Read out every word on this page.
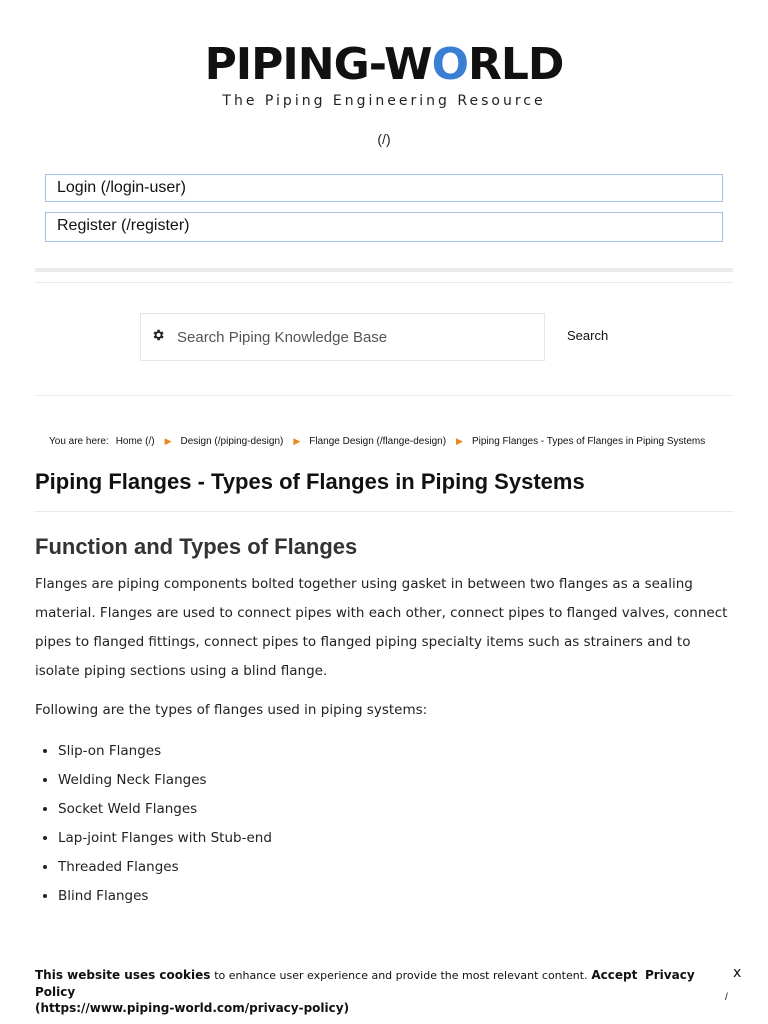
PIPING-WORLD
The Piping Engineering Resource
(/)
Login (/login-user)
Register (/register)
Search Piping Knowledge Base
Search
You are here: Home (/) ▶ Design (/piping-design) ▶ Flange Design (/flange-design) ▶ Piping Flanges - Types of Flanges in Piping Systems
Piping Flanges - Types of Flanges in Piping Systems
Function and Types of Flanges

Flanges are piping components bolted together using gasket in between two flanges as a sealing material. Flanges are used to connect pipes with each other, connect pipes to flanged valves, connect pipes to flanged fittings, connect pipes to flanged piping specialty items such as strainers and to isolate piping sections using a blind flange.

Following are the types of flanges used in piping systems:

• Slip-on Flanges
• Welding Neck Flanges
• Socket Weld Flanges
• Lap-joint Flanges with Stub-end
• Threaded Flanges
• Blind Flanges
This website uses cookies to enhance user experience and provide the most relevant content. Accept Privacy Policy
(https://www.piping-world.com/privacy-policy)
x
/
